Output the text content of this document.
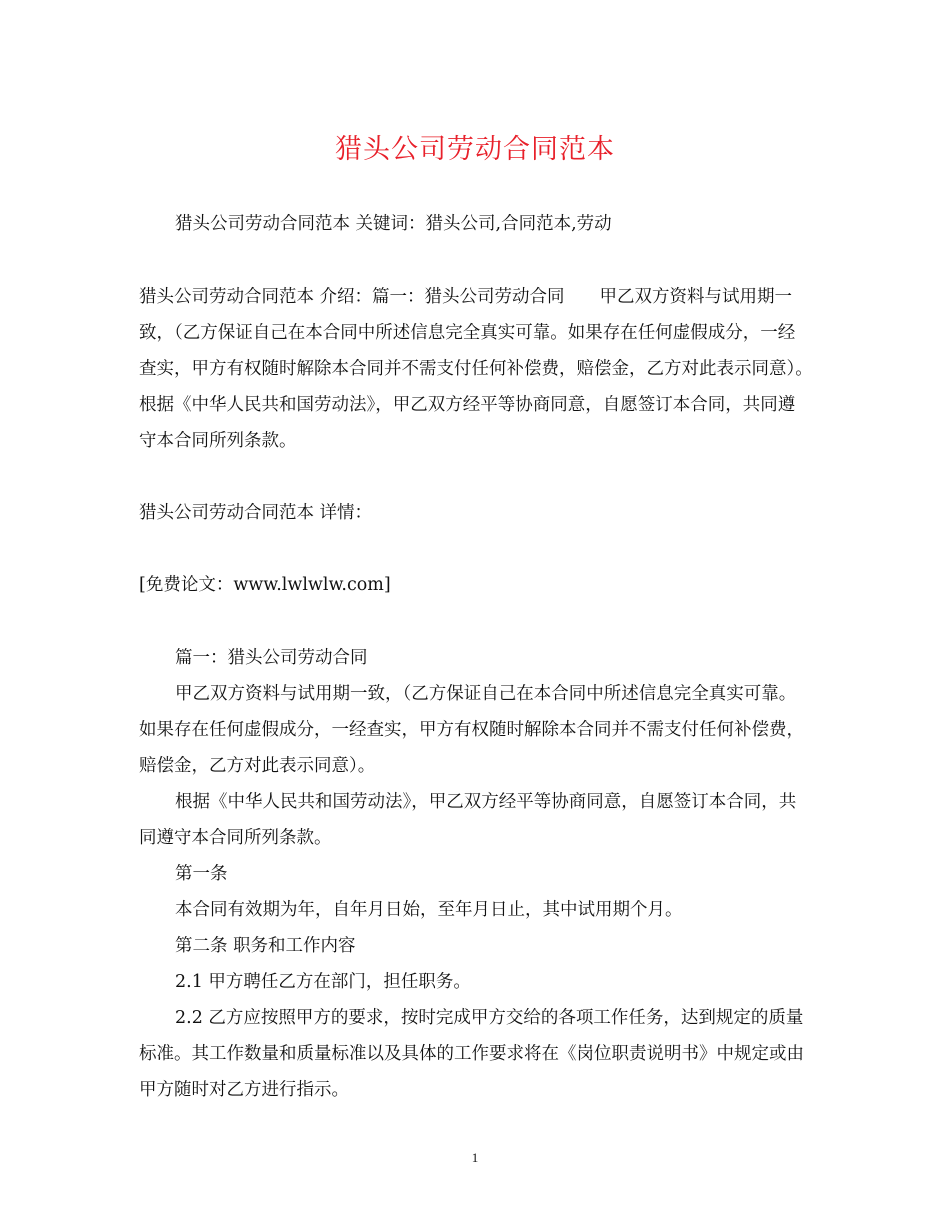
猎头公司劳动合同范本
猎头公司劳动合同范本 关键词：猎头公司,合同范本,劳动

猎头公司劳动合同范本 介绍：篇一：猎头公司劳动合同　　甲乙双方资料与试用期一致，（乙方保证自己在本合同中所述信息完全真实可靠。如果存在任何虚假成分，一经查实，甲方有权随时解除本合同并不需支付任何补偿费，赔偿金，乙方对此表示同意）。　　根据《中华人民共和国劳动法》，甲乙双方经平等协商同意，自愿签订本合同，共同遵守本合同所列条款。

猎头公司劳动合同范本 详情：
[免费论文：www.lwlwlw.com]

篇一：猎头公司劳动合同

甲乙双方资料与试用期一致，（乙方保证自己在本合同中所述信息完全真实可靠。如果存在任何虚假成分，一经查实，甲方有权随时解除本合同并不需支付任何补偿费，赔偿金，乙方对此表示同意）。

根据《中华人民共和国劳动法》，甲乙双方经平等协商同意，自愿签订本合同，共同遵守本合同所列条款。

第一条

本合同有效期为年，自年月日始，至年月日止，其中试用期个月。

第二条 职务和工作内容

2.1 甲方聘任乙方在部门，担任职务。

2.2 乙方应按照甲方的要求，按时完成甲方交给的各项工作任务，达到规定的质量标准。其工作数量和质量标准以及具体的工作要求将在《岗位职责说明书》中规定或由甲方随时对乙方进行指示。

1
